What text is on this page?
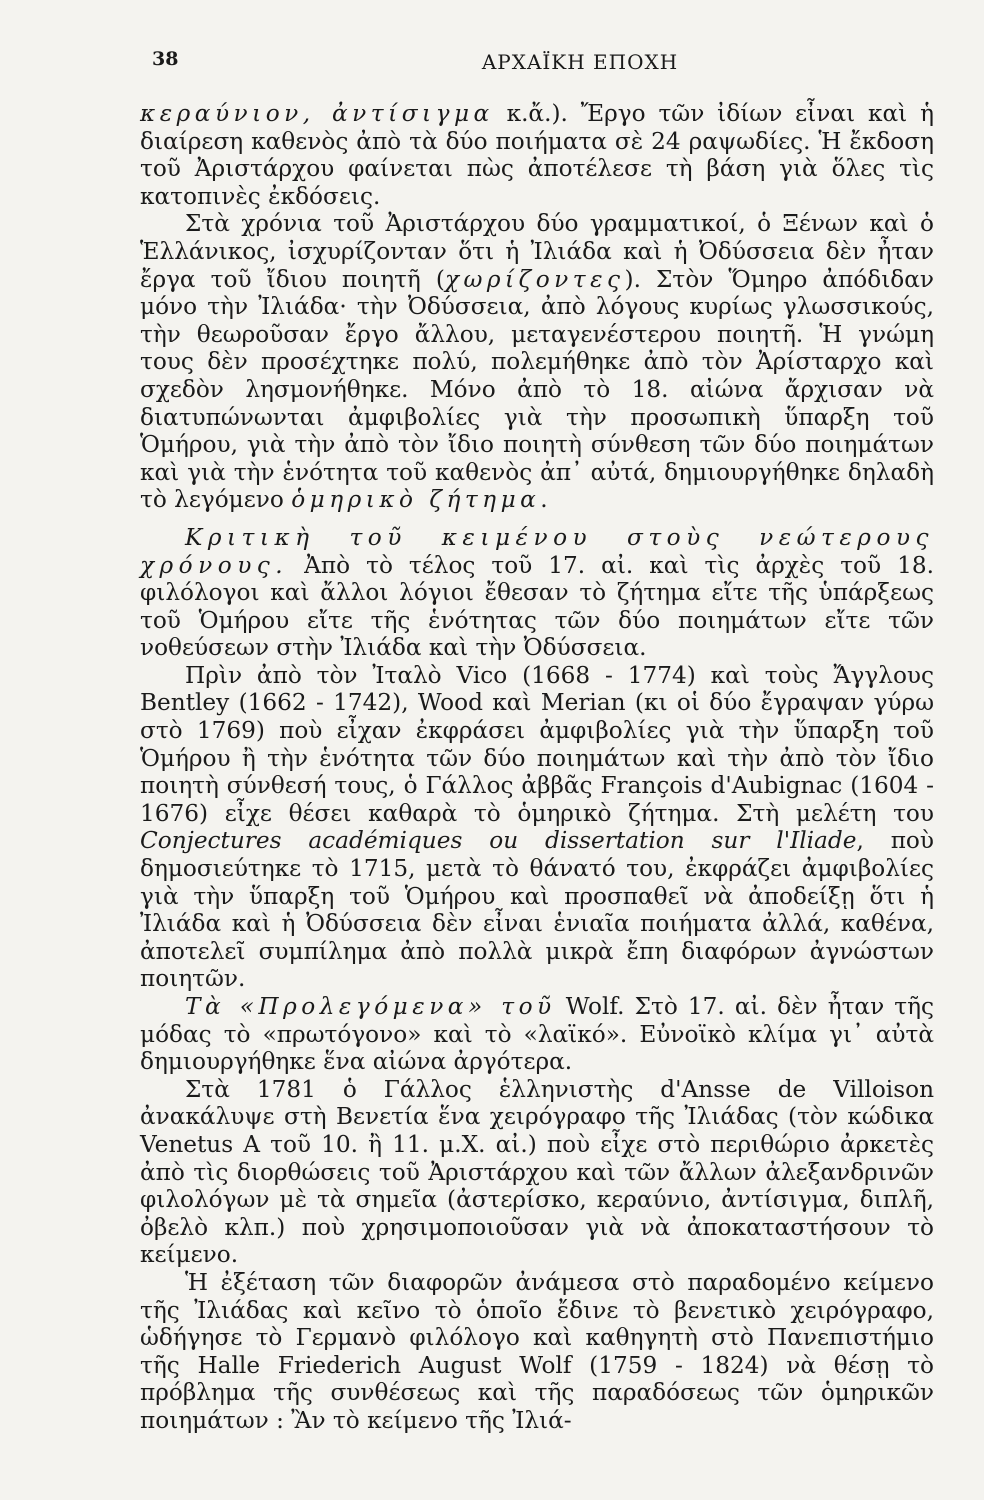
38	ΑΡΧΑΪΚΗ ΕΠΟΧΗ

κεραύνιον, ἀντίσιγμα κ.ἄ.). Ἔργο τῶν ἰδίων εἶναι καὶ ἡ διαίρεση καθενὸς ἀπὸ τὰ δύο ποιήματα σὲ 24 ραψωδίες. Ἡ ἔκδοση τοῦ Ἀριστάρχου φαίνεται πὼς ἀποτέλεσε τὴ βάση γιὰ ὅλες τὶς κατοπινὲς ἐκδόσεις.

Στὰ χρόνια τοῦ Ἀριστάρχου δύο γραμματικοί, ὁ Ξένων καὶ ὁ Ἑλλάνικος, ἰσχυρίζονταν ὅτι ἡ Ἰλιάδα καὶ ἡ Ὀδύσσεια δὲν ἦταν ἔργα τοῦ ἴδιου ποιητῆ (χωρίζοντες). Στὸν Ὅμηρο ἀπόδιδαν μόνο τὴν Ἰλιάδα· τὴν Ὀδύσσεια, ἀπὸ λόγους κυρίως γλωσσικούς, τὴν θεωροῦσαν ἔργο ἄλλου, μεταγενέστερου ποιητῆ. Ἡ γνώμη τους δὲν προσέχτηκε πολύ, πολεμήθηκε ἀπὸ τὸν Ἀρίσταρχο καὶ σχεδὸν λησμονήθηκε. Μόνο ἀπὸ τὸ 18. αἰώνα ἄρχισαν νὰ διατυπώνωνται ἀμφιβολίες γιὰ τὴν προσωπικὴ ὕπαρξη τοῦ Ὁμήρου, γιὰ τὴν ἀπὸ τὸν ἴδιο ποιητὴ σύνθεση τῶν δύο ποιημάτων καὶ γιὰ τὴν ἑνότητα τοῦ καθενὸς ἀπ᾽ αὐτά, δημιουργήθηκε δηλαδὴ τὸ λεγόμενο ὁμηρικὸ ζήτημα.

Κριτικὴ τοῦ κειμένου στοὺς νεώτερους χρόνους. Ἀπὸ τὸ τέλος τοῦ 17. αἰ. καὶ τὶς ἀρχὲς τοῦ 18. φιλόλογοι καὶ ἄλλοι λόγιοι ἔθεσαν τὸ ζήτημα εἴτε τῆς ὑπάρξεως τοῦ Ὁμήρου εἴτε τῆς ἑνότητας τῶν δύο ποιημάτων εἴτε τῶν νοθεύσεων στὴν Ἰλιάδα καὶ τὴν Ὀδύσσεια.

Πρὶν ἀπὸ τὸν Ἰταλὸ Vico (1668 - 1774) καὶ τοὺς Ἄγγλους Bentley (1662 - 1742), Wood καὶ Merian (κι οἱ δύο ἔγραψαν γύρω στὸ 1769) ποὺ εἶχαν ἐκφράσει ἀμφιβολίες γιὰ τὴν ὕπαρξη τοῦ Ὁμήρου ἢ τὴν ἑνότητα τῶν δύο ποιημάτων καὶ τὴν ἀπὸ τὸν ἴδιο ποιητὴ σύνθεσή τους, ὁ Γάλλος ἀββᾶς François d'Aubignac (1604 - 1676) εἶχε θέσει καθαρὰ τὸ ὁμηρικὸ ζήτημα. Στὴ μελέτη του Conjectures académiques ou dissertation sur l'Iliade, ποὺ δημοσιεύτηκε τὸ 1715, μετὰ τὸ θάνατό του, ἐκφράζει ἀμφιβολίες γιὰ τὴν ὕπαρξη τοῦ Ὁμήρου καὶ προσπαθεῖ νὰ ἀποδείξῃ ὅτι ἡ Ἰλιάδα καὶ ἡ Ὀδύσσεια δὲν εἶναι ἑνιαῖα ποιήματα ἀλλά, καθένα, ἀποτελεῖ συμπίλημα ἀπὸ πολλὰ μικρὰ ἔπη διαφόρων ἀγνώστων ποιητῶν.

Τὰ «Προλεγόμενα» τοῦ Wolf. Στὸ 17. αἰ. δὲν ἦταν τῆς μόδας τὸ «πρωτόγονο» καὶ τὸ «λαϊκό». Εὐνοϊκὸ κλίμα γι᾽ αὐτὰ δημιουργήθηκε ἕνα αἰώνα ἀργότερα.

Στὰ 1781 ὁ Γάλλος ἑλληνιστὴς d'Ansse de Villoison ἀνακάλυψε στὴ Βενετία ἕνα χειρόγραφο τῆς Ἰλιάδας (τὸν κώδικα Venetus A τοῦ 10. ἢ 11. μ.Χ. αἰ.) ποὺ εἶχε στὸ περιθώριο ἀρκετὲς ἀπὸ τὶς διορθώσεις τοῦ Ἀριστάρχου καὶ τῶν ἄλλων ἀλεξανδρινῶν φιλολόγων μὲ τὰ σημεῖα (ἀστερίσκο, κεραύνιο, ἀντίσιγμα, διπλῆ, ὀβελὸ κλπ.) ποὺ χρησιμοποιοῦσαν γιὰ νὰ ἀποκαταστήσουν τὸ κείμενο.

Ἡ ἐξέταση τῶν διαφορῶν ἀνάμεσα στὸ παραδομένο κείμενο τῆς Ἰλιάδας καὶ κεῖνο τὸ ὁποῖο ἔδινε τὸ βενετικὸ χειρόγραφο, ὡδήγησε τὸ Γερμανὸ φιλόλογο καὶ καθηγητὴ στὸ Πανεπιστήμιο τῆς Halle Friederich August Wolf (1759 - 1824) νὰ θέσῃ τὸ πρόβλημα τῆς συνθέσεως καὶ τῆς παραδόσεως τῶν ὁμηρικῶν ποιημάτων : Ἂν τὸ κείμενο τῆς Ἰλιά-
